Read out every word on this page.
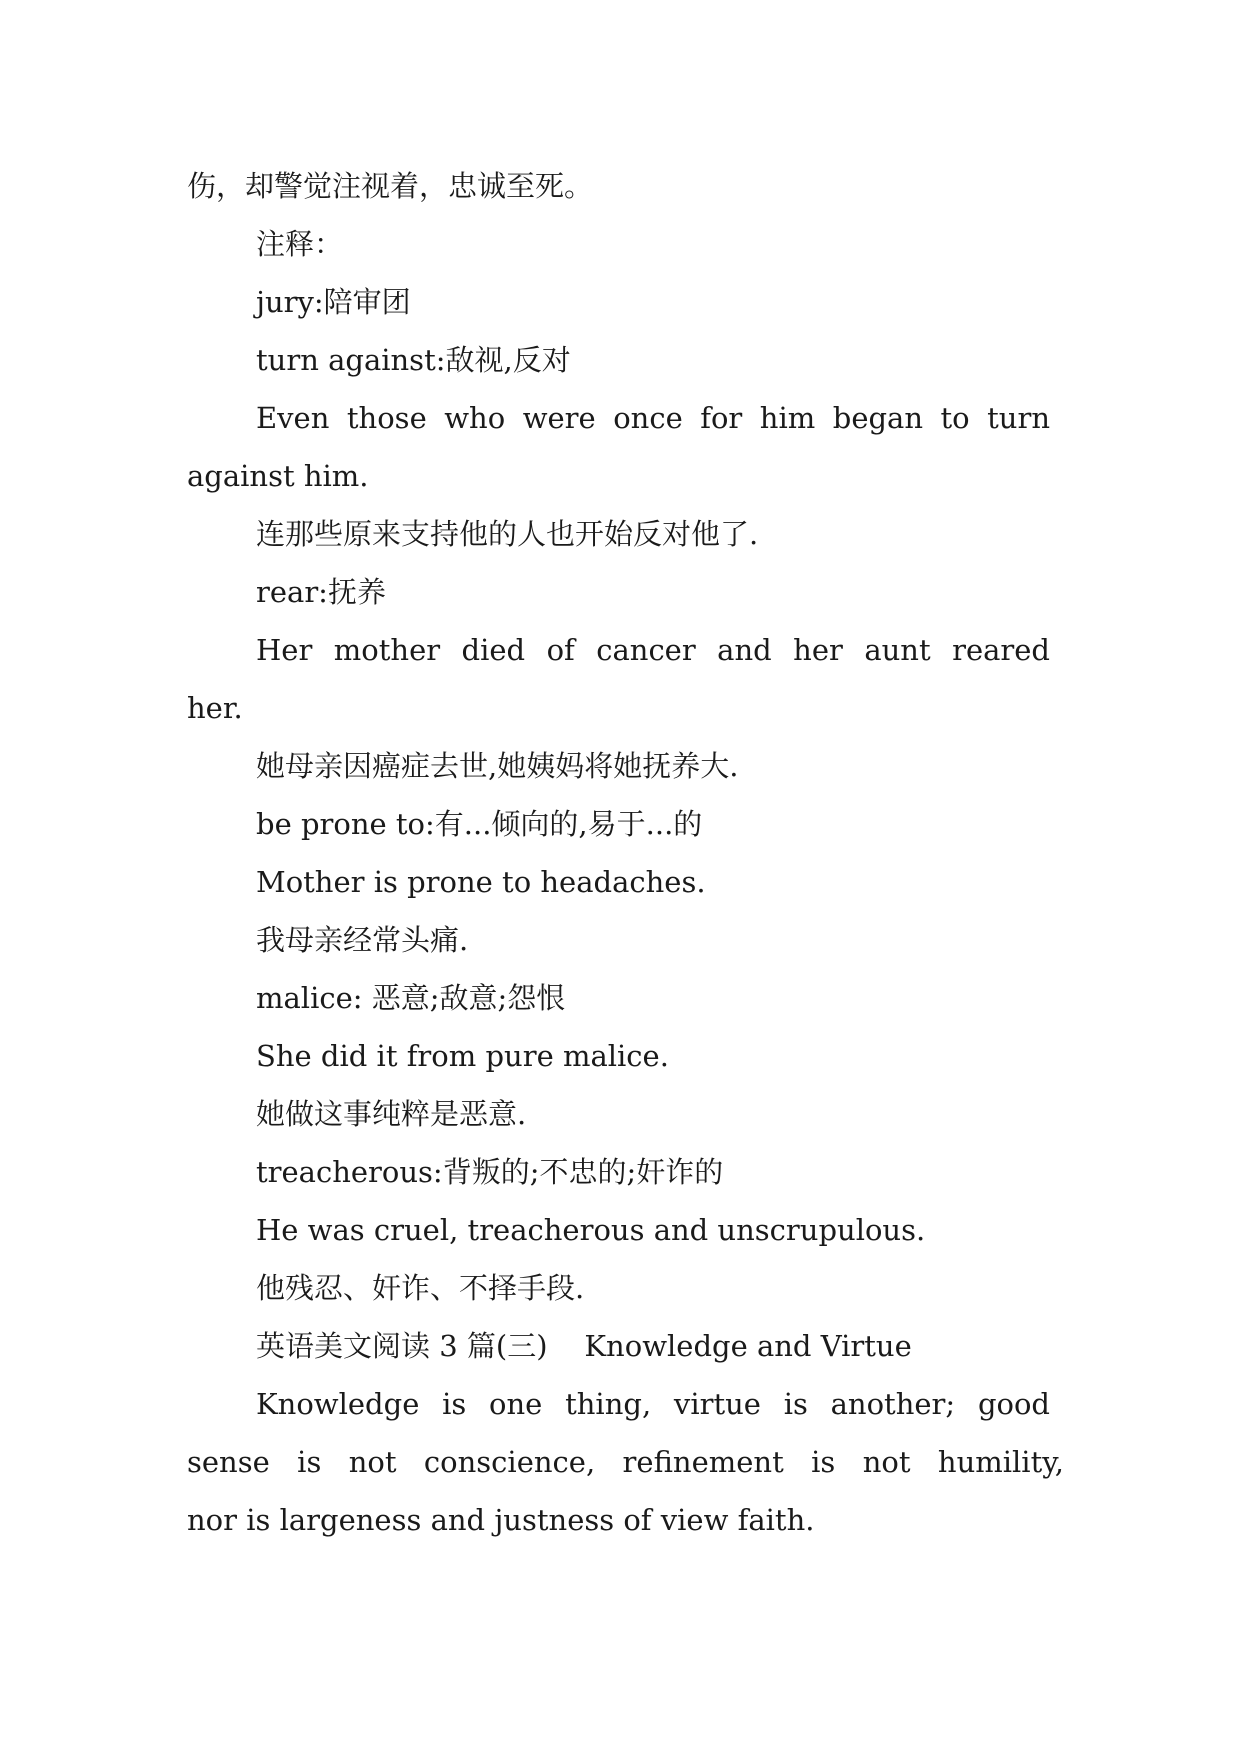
伤，却警觉注视着，忠诚至死。

注释：

jury:陪审团

turn against:敌视,反对

Even those who were once for him began to turn

against him.

连那些原来支持他的人也开始反对他了.

rear:抚养

Her mother died of cancer and her aunt reared

her.

她母亲因癌症去世,她姨妈将她抚养大.

be prone to:有...倾向的,易于...的

Mother is prone to headaches.

我母亲经常头痛.

malice: 恶意;敌意;怨恨

She did it from pure malice.

她做这事纯粹是恶意.

treacherous:背叛的;不忠的;奸诈的

He was cruel, treacherous and unscrupulous.

他残忍、奸诈、不择手段.

英语美文阅读 3 篇(三)    Knowledge and Virtue

Knowledge is one thing, virtue is another; good

sense is not conscience, refinement is not humility,

nor is largeness and justness of view faith.
